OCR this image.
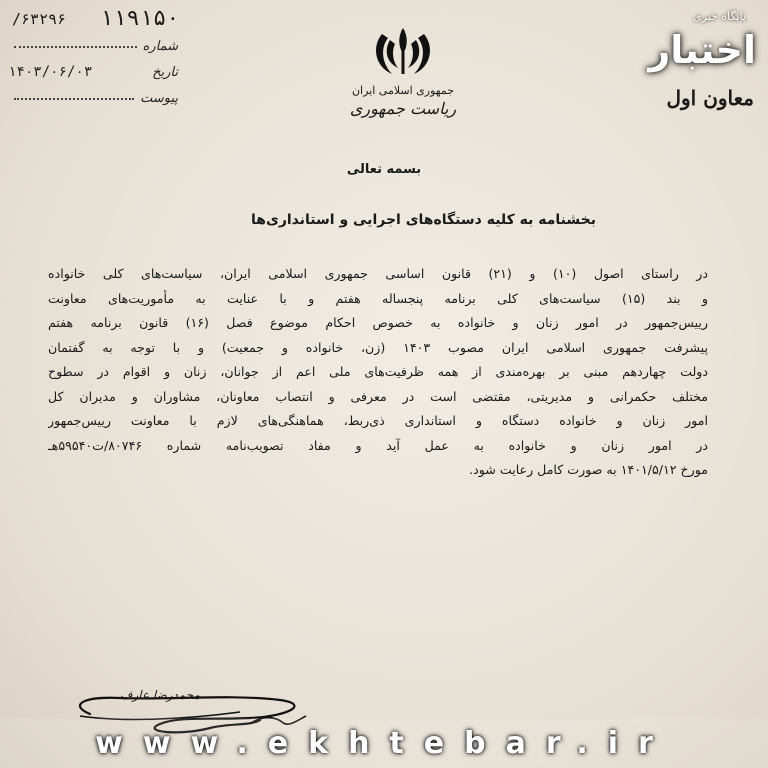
۶۳۲۹۶/ ۱۱۹۱۵۰
شماره
تاریخ
۱۴۰۳/۰۶/۰۳
پیوست
جمهوری اسلامی ایران
ریاست جمهوری
پایگاه خبری
اختبار
معاون اول
بسمه تعالی
بخشنامه به کلیه دستگاه‌های اجرایی و استانداری‌ها

در راستای اصول (۱۰) و (۲۱) قانون اساسی جمهوری اسلامی ایران، سیاست‌های کلی خانواده

و بند (۱۵) سیاست‌های کلی برنامه پنجساله هفتم و با عنایت به مأموریت‌های معاونت

رییس‌جمهور در امور زنان و خانواده به خصوص احکام موضوع فصل (۱۶) قانون برنامه هفتم

پیشرفت جمهوری اسلامی ایران مصوب ۱۴۰۳ (زن، خانواده و جمعیت) و با توجه به گفتمان

دولت چهاردهم مبنی بر بهره‌مندی از همه ظرفیت‌های ملی اعم از جوانان، زنان و اقوام در سطوح

مختلف حکمرانی و مدیریتی، مقتضی است در معرفی و انتصاب معاونان، مشاوران و مدیران کل

امور زنان و خانواده دستگاه و استانداری ذی‌ربط، هماهنگی‌های لازم با معاونت رییس‌جمهور

در امور زنان و خانواده به عمل آید و مفاد تصویب‌نامه شماره ۸۰۷۴۶/ت۵۹۵۴۰هـ

مورخ ۱۴۰۱/۵/۱۲ به صورت کامل رعایت شود.

محمدرضا عارف
www.ekhtebar.ir
